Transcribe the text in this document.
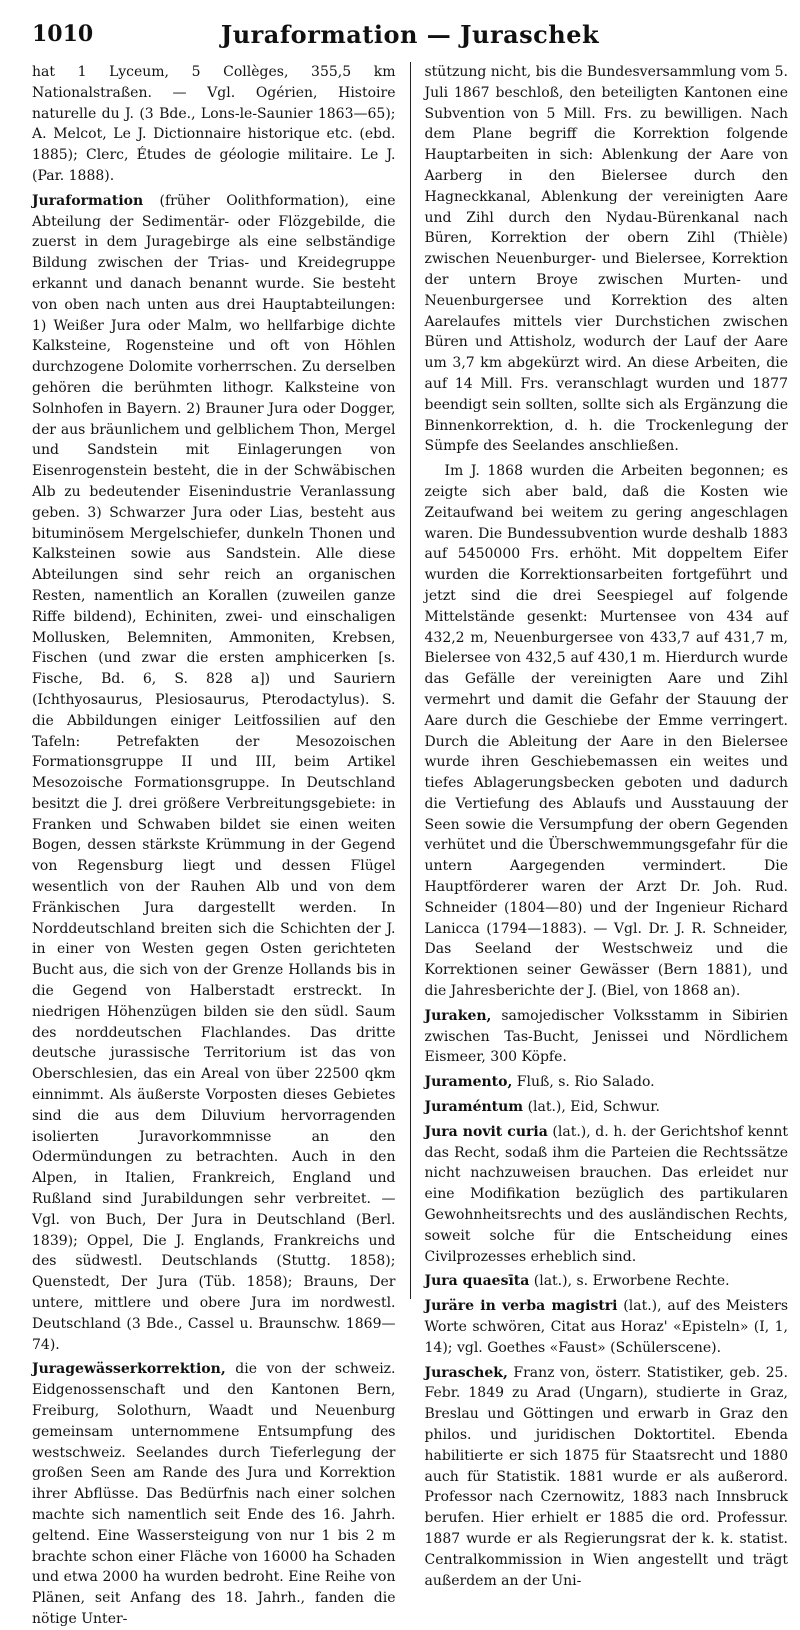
1010	Juraformation — Juraschek

hat 1 Lyceum, 5 Collèges, 355,5 km Nationalstraßen. — Vgl. Ogérien, Histoire naturelle du J. (3 Bde., Lons-le-Saunier 1863—65); A. Melcot, Le J. Dictionnaire historique etc. (ebd. 1885); Clerc, Études de géologie militaire. Le J. (Par. 1888).

Juraformation (früher Oolithformation), eine Abteilung der Sedimentär- oder Flözgebilde, die zuerst in dem Juragebirge als eine selbständige Bildung zwischen der Trias- und Kreidegruppe erkannt und danach benannt wurde. Sie besteht von oben nach unten aus drei Hauptabteilungen: 1) Weißer Jura oder Malm, wo hellfarbige dichte Kalksteine, Rogensteine und oft von Höhlen durchzogene Dolomite vorherrschen. Zu derselben gehören die berühmten lithogr. Kalksteine von Solnhofen in Bayern. 2) Brauner Jura oder Dogger, der aus bräunlichem und gelblichem Thon, Mergel und Sandstein mit Einlagerungen von Eisenrogenstein besteht, die in der Schwäbischen Alb zu bedeutender Eisenindustrie Veranlassung geben. 3) Schwarzer Jura oder Lias, besteht aus bituminösem Mergelschiefer, dunkeln Thonen und Kalksteinen sowie aus Sandstein. Alle diese Abteilungen sind sehr reich an organischen Resten, namentlich an Korallen (zuweilen ganze Riffe bildend), Echiniten, zwei- und einschaligen Mollusken, Belemniten, Ammoniten, Krebsen, Fischen (und zwar die ersten amphicerken [s. Fische, Bd. 6, S. 828 a]) und Sauriern (Ichthyosaurus, Plesiosaurus, Pterodactylus). S. die Abbildungen einiger Leitfossilien auf den Tafeln: Petrefakten der Mesozoischen Formationsgruppe II und III, beim Artikel Mesozoische Formationsgruppe. In Deutschland besitzt die J. drei größere Verbreitungsgebiete: in Franken und Schwaben bildet sie einen weiten Bogen, dessen stärkste Krümmung in der Gegend von Regensburg liegt und dessen Flügel wesentlich von der Rauhen Alb und von dem Fränkischen Jura dargestellt werden. In Norddeutschland breiten sich die Schichten der J. in einer von Westen gegen Osten gerichteten Bucht aus, die sich von der Grenze Hollands bis in die Gegend von Halberstadt erstreckt. In niedrigen Höhenzügen bilden sie den südl. Saum des norddeutschen Flachlandes. Das dritte deutsche jurassische Territorium ist das von Oberschlesien, das ein Areal von über 22500 qkm einnimmt. Als äußerste Vorposten dieses Gebietes sind die aus dem Diluvium hervorragenden isolierten Juravorkommnisse an den Odermündungen zu betrachten. Auch in den Alpen, in Italien, Frankreich, England und Rußland sind Jurabildungen sehr verbreitet. — Vgl. von Buch, Der Jura in Deutschland (Berl. 1839); Oppel, Die J. Englands, Frankreichs und des südwestl. Deutschlands (Stuttg. 1858); Quenstedt, Der Jura (Tüb. 1858); Brauns, Der untere, mittlere und obere Jura im nordwestl. Deutschland (3 Bde., Cassel u. Braunschw. 1869—74).

Juragewässerkorrektion, die von der schweiz. Eidgenossenschaft und den Kantonen Bern, Freiburg, Solothurn, Waadt und Neuenburg gemeinsam unternommene Entsumpfung des westschweiz. Seelandes durch Tieferlegung der großen Seen am Rande des Jura und Korrektion ihrer Abflüsse. Das Bedürfnis nach einer solchen machte sich namentlich seit Ende des 16. Jahrh. geltend. Eine Wassersteigung von nur 1 bis 2 m brachte schon einer Fläche von 16000 ha Schaden und etwa 2000 ha wurden bedroht. Eine Reihe von Plänen, seit Anfang des 18. Jahrh., fanden die nötige Unter-

stützung nicht, bis die Bundesversammlung vom 5. Juli 1867 beschloß, den beteiligten Kantonen eine Subvention von 5 Mill. Frs. zu bewilligen. Nach dem Plane begriff die Korrektion folgende Hauptarbeiten in sich: Ablenkung der Aare von Aarberg in den Bielersee durch den Hagneckkanal, Ablenkung der vereinigten Aare und Zihl durch den Nydau-Bürenkanal nach Büren, Korrektion der obern Zihl (Thièle) zwischen Neuenburger- und Bielersee, Korrektion der untern Broye zwischen Murten- und Neuenburgersee und Korrektion des alten Aarelaufes mittels vier Durchstichen zwischen Büren und Attisholz, wodurch der Lauf der Aare um 3,7 km abgekürzt wird. An diese Arbeiten, die auf 14 Mill. Frs. veranschlagt wurden und 1877 beendigt sein sollten, sollte sich als Ergänzung die Binnenkorrektion, d. h. die Trockenlegung der Sümpfe des Seelandes anschließen.

Im J. 1868 wurden die Arbeiten begonnen; es zeigte sich aber bald, daß die Kosten wie Zeitaufwand bei weitem zu gering angeschlagen waren. Die Bundessubvention wurde deshalb 1883 auf 5450000 Frs. erhöht. Mit doppeltem Eifer wurden die Korrektionsarbeiten fortgeführt und jetzt sind die drei Seespiegel auf folgende Mittelstände gesenkt: Murtensee von 434 auf 432,2 m, Neuenburgersee von 433,7 auf 431,7 m, Bielersee von 432,5 auf 430,1 m. Hierdurch wurde das Gefälle der vereinigten Aare und Zihl vermehrt und damit die Gefahr der Stauung der Aare durch die Geschiebe der Emme verringert. Durch die Ableitung der Aare in den Bielersee wurde ihren Geschiebemassen ein weites und tiefes Ablagerungsbecken geboten und dadurch die Vertiefung des Ablaufs und Ausstauung der Seen sowie die Versumpfung der obern Gegenden verhütet und die Überschwemmungsgefahr für die untern Aargegenden vermindert. Die Hauptförderer waren der Arzt Dr. Joh. Rud. Schneider (1804—80) und der Ingenieur Richard Lanicca (1794—1883). — Vgl. Dr. J. R. Schneider, Das Seeland der Westschweiz und die Korrektionen seiner Gewässer (Bern 1881), und die Jahresberichte der J. (Biel, von 1868 an).

Juraken, samojedischer Volksstamm in Sibirien zwischen Tas-Bucht, Jenissei und Nördlichem Eismeer, 300 Köpfe.

Juramento, Fluß, s. Rio Salado.

Juraméntum (lat.), Eid, Schwur.

Jura novit curia (lat.), d. h. der Gerichtshof kennt das Recht, sodaß ihm die Parteien die Rechtssätze nicht nachzuweisen brauchen. Das erleidet nur eine Modifikation bezüglich des partikularen Gewohnheitsrechts und des ausländischen Rechts, soweit solche für die Entscheidung eines Civilprozesses erheblich sind.

Jura quaesīta (lat.), s. Erworbene Rechte.

Juräre in verba magistri (lat.), auf des Meisters Worte schwören, Citat aus Horaz' «Episteln» (I, 1, 14); vgl. Goethes «Faust» (Schülerscene).

Juraschek, Franz von, österr. Statistiker, geb. 25. Febr. 1849 zu Arad (Ungarn), studierte in Graz, Breslau und Göttingen und erwarb in Graz den philos. und juridischen Doktortitel. Ebenda habilitierte er sich 1875 für Staatsrecht und 1880 auch für Statistik. 1881 wurde er als außerord. Professor nach Czernowitz, 1883 nach Innsbruck berufen. Hier erhielt er 1885 die ord. Professur. 1887 wurde er als Regierungsrat der k. k. statist. Centralkommission in Wien angestellt und trägt außerdem an der Uni-
